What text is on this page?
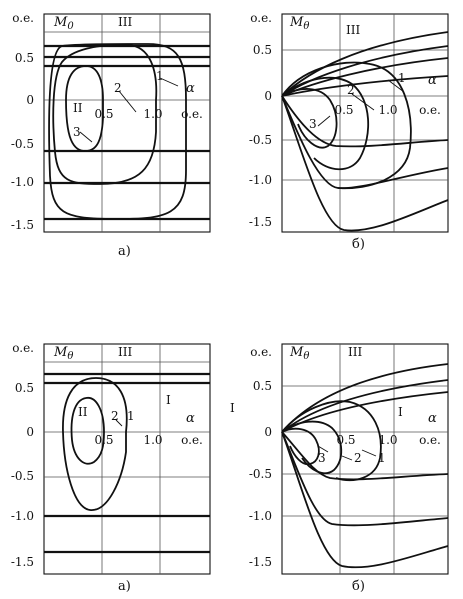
o.e.
0.5
0
-0.5
-1.0
-1.5
0.5 1.0 o.e.
$M_0$	III
II
1
2
3
α
а)
o.e.
0.5
0
-0.5
-1.0
-1.5
0.5 1.0 o.e.
$M_\theta$	III
1
2
3
α
б)
o.e.
0.5
0
-0.5
-1.0
-1.5
0.5 1.0 o.e.
$M_\theta$	III
II
I
1
2	α
а)
I
o.e.
0.5
0
-0.5
-1.0
-1.5
0.5 1.0 o.e.
$M_\theta$	III
I
1
2
3
α
б)
